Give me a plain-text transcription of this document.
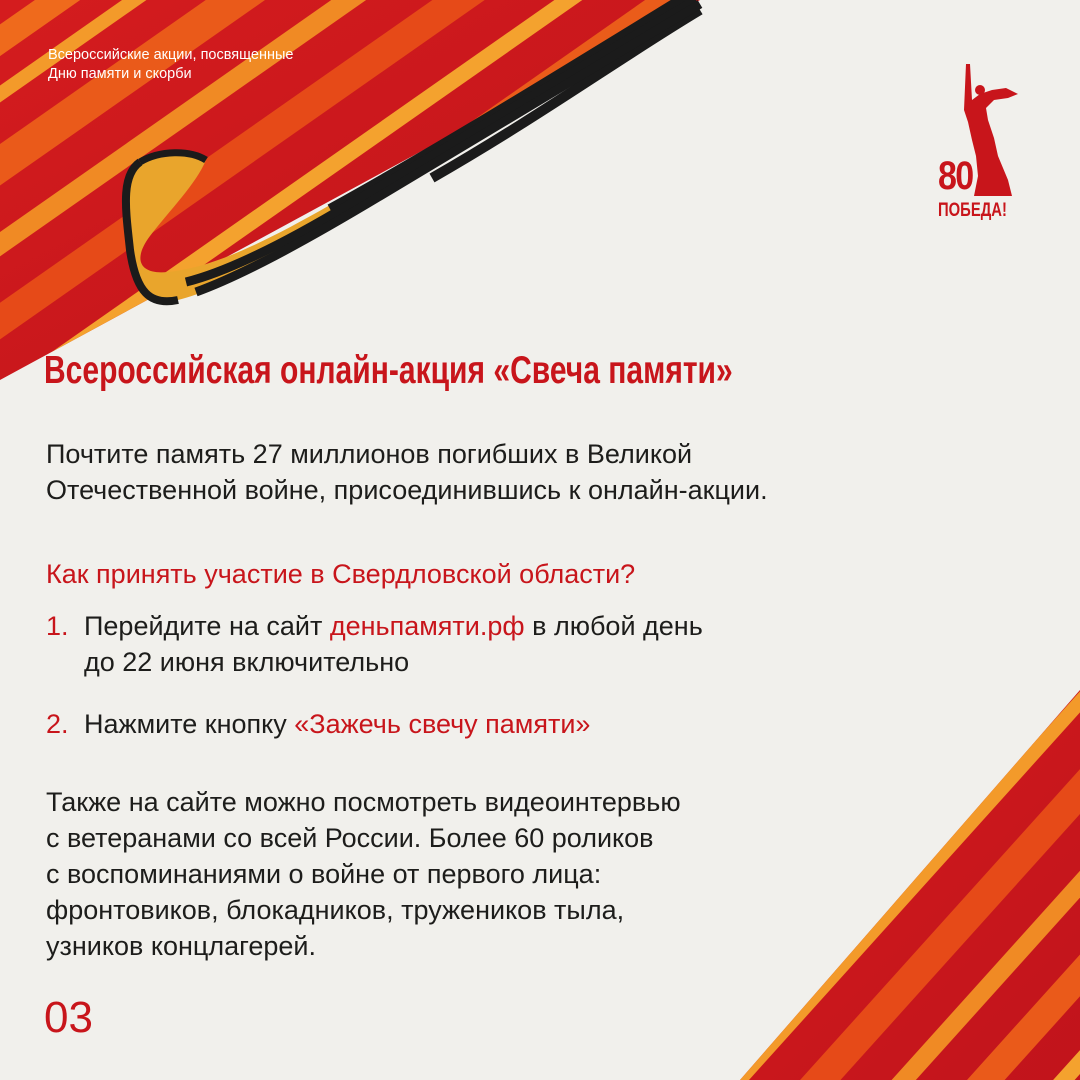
Всероссийские акции, посвященные
Дню памяти и скорби
80
ПОБЕДА!
Всероссийская онлайн-акция «Свеча памяти»
Почтите память 27 миллионов погибших в Великой
Отечественной войне, присоединившись к онлайн-акции.
Как принять участие в Свердловской области?
1. Перейдите на сайт деньпамяти.рф в любой день
до 22 июня включительно
2. Нажмите кнопку «Зажечь свечу памяти»
Также на сайте можно посмотреть видеоинтервью
с ветеранами со всей России. Более 60 роликов
с воспоминаниями о войне от первого лица:
фронтовиков, блокадников, тружеников тыла,
узников концлагерей.
03
